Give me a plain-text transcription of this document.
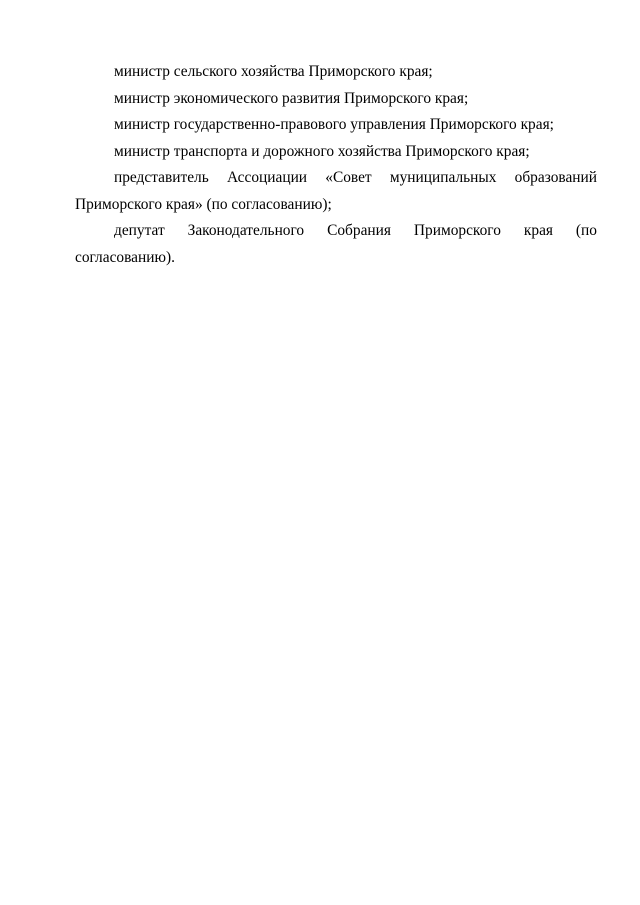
министр сельского хозяйства Приморского края;

министр экономического развития Приморского края;

министр государственно-правового управления Приморского края;

министр транспорта и дорожного хозяйства Приморского края;

представитель Ассоциации «Совет муниципальных образований Приморского края» (по согласованию);

депутат Законодательного Собрания Приморского края (по согласованию).
